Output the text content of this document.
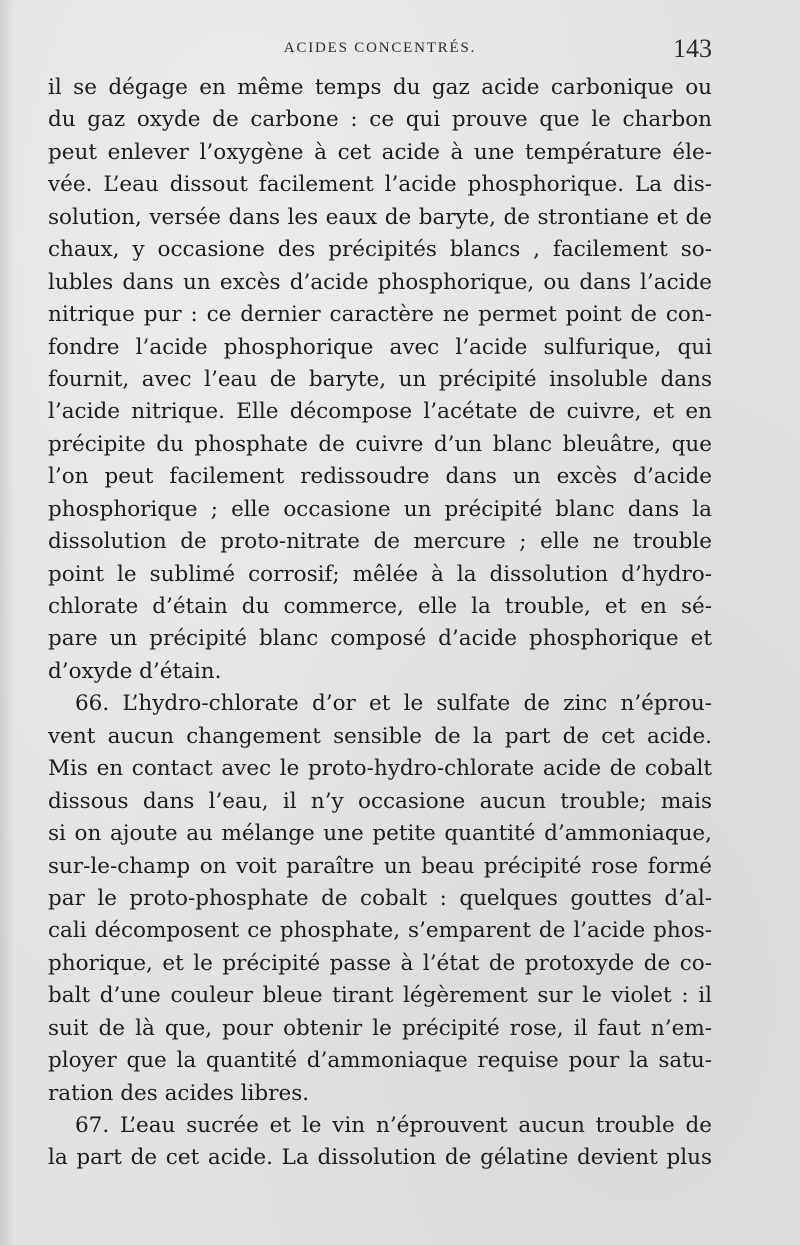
ACIDES CONCENTRÉS.	143
il se dégage en même temps du gaz acide carbonique ou
du gaz oxyde de carbone : ce qui prouve que le charbon
peut enlever l’oxygène à cet acide à une température éle-
vée. L’eau dissout facilement l’acide phosphorique. La dis-
solution, versée dans les eaux de baryte, de strontiane et de
chaux, y occasione des précipités blancs , facilement so-
lubles dans un excès d’acide phosphorique, ou dans l’acide
nitrique pur : ce dernier caractère ne permet point de con-
fondre l’acide phosphorique avec l’acide sulfurique, qui
fournit, avec l’eau de baryte, un précipité insoluble dans
l’acide nitrique. Elle décompose l’acétate de cuivre, et en
précipite du phosphate de cuivre d’un blanc bleuâtre, que
l’on peut facilement redissoudre dans un excès d’acide
phosphorique ; elle occasione un précipité blanc dans la
dissolution de proto-nitrate de mercure ; elle ne trouble
point le sublimé corrosif; mêlée à la dissolution d’hydro-
chlorate d’étain du commerce, elle la trouble, et en sé-
pare un précipité blanc composé d’acide phosphorique et
d’oxyde d’étain.
66. L’hydro-chlorate d’or et le sulfate de zinc n’éprou-
vent aucun changement sensible de la part de cet acide.
Mis en contact avec le proto-hydro-chlorate acide de cobalt
dissous dans l’eau, il n’y occasione aucun trouble; mais
si on ajoute au mélange une petite quantité d’ammoniaque,
sur-le-champ on voit paraître un beau précipité rose formé
par le proto-phosphate de cobalt : quelques gouttes d’al-
cali décomposent ce phosphate, s’emparent de l’acide phos-
phorique, et le précipité passe à l’état de protoxyde de co-
balt d’une couleur bleue tirant légèrement sur le violet : il
suit de là que, pour obtenir le précipité rose, il faut n’em-
ployer que la quantité d’ammoniaque requise pour la satu-
ration des acides libres.
67. L’eau sucrée et le vin n’éprouvent aucun trouble de
la part de cet acide. La dissolution de gélatine devient plus
